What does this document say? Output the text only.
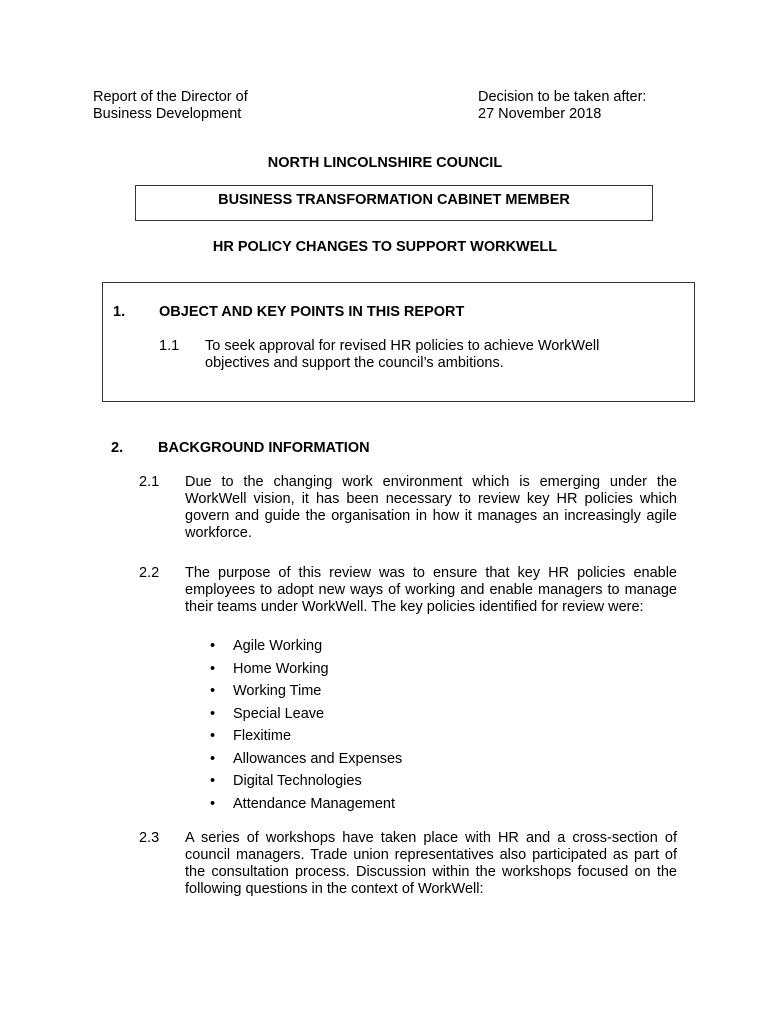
Report of the Director of
Business Development
Decision to be taken after:
27 November 2018
NORTH LINCOLNSHIRE COUNCIL
BUSINESS TRANSFORMATION CABINET MEMBER
HR POLICY CHANGES TO SUPPORT WORKWELL
1. OBJECT AND KEY POINTS IN THIS REPORT
1.1 To seek approval for revised HR policies to achieve WorkWell
objectives and support the council’s ambitions.
2. BACKGROUND INFORMATION
2.1 Due to the changing work environment which is emerging under the WorkWell vision, it has been necessary to review key HR policies which govern and guide the organisation in how it manages an increasingly agile workforce.
2.2 The purpose of this review was to ensure that key HR policies enable employees to adopt new ways of working and enable managers to manage their teams under WorkWell. The key policies identified for review were:
• Agile Working
• Home Working
• Working Time
• Special Leave
• Flexitime
• Allowances and Expenses
• Digital Technologies
• Attendance Management
2.3 A series of workshops have taken place with HR and a cross-section of council managers. Trade union representatives also participated as part of the consultation process. Discussion within the workshops focused on the following questions in the context of WorkWell:
